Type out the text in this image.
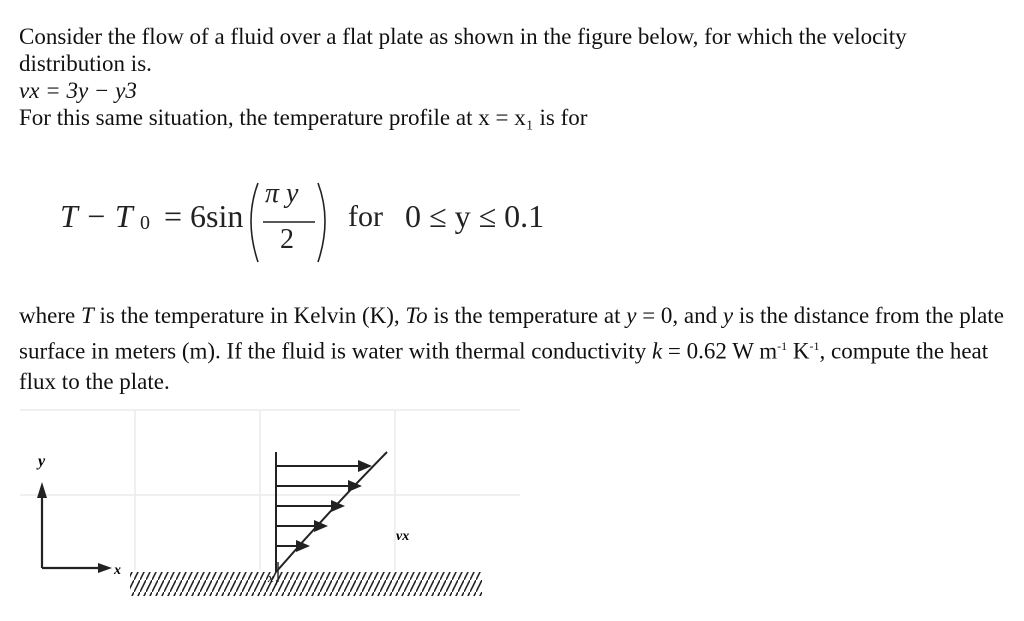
Consider the flow of a fluid over a flat plate as shown in the figure below, for which the velocity distribution is.
vx = 3y − y3
For this same situation, the temperature profile at x = x₁ is for
T − T 0 = 6sin
π y
2
for 0 ≤ y ≤ 0.1

where T is the temperature in Kelvin (K), To is the temperature at y = 0, and y is the distance from the plate surface in meters (m). If the fluid is water with thermal conductivity k = 0.62 W $m^{-1}$ $K^{-1}$, compute the heat flux to the plate.

y
x
vx
x₁
